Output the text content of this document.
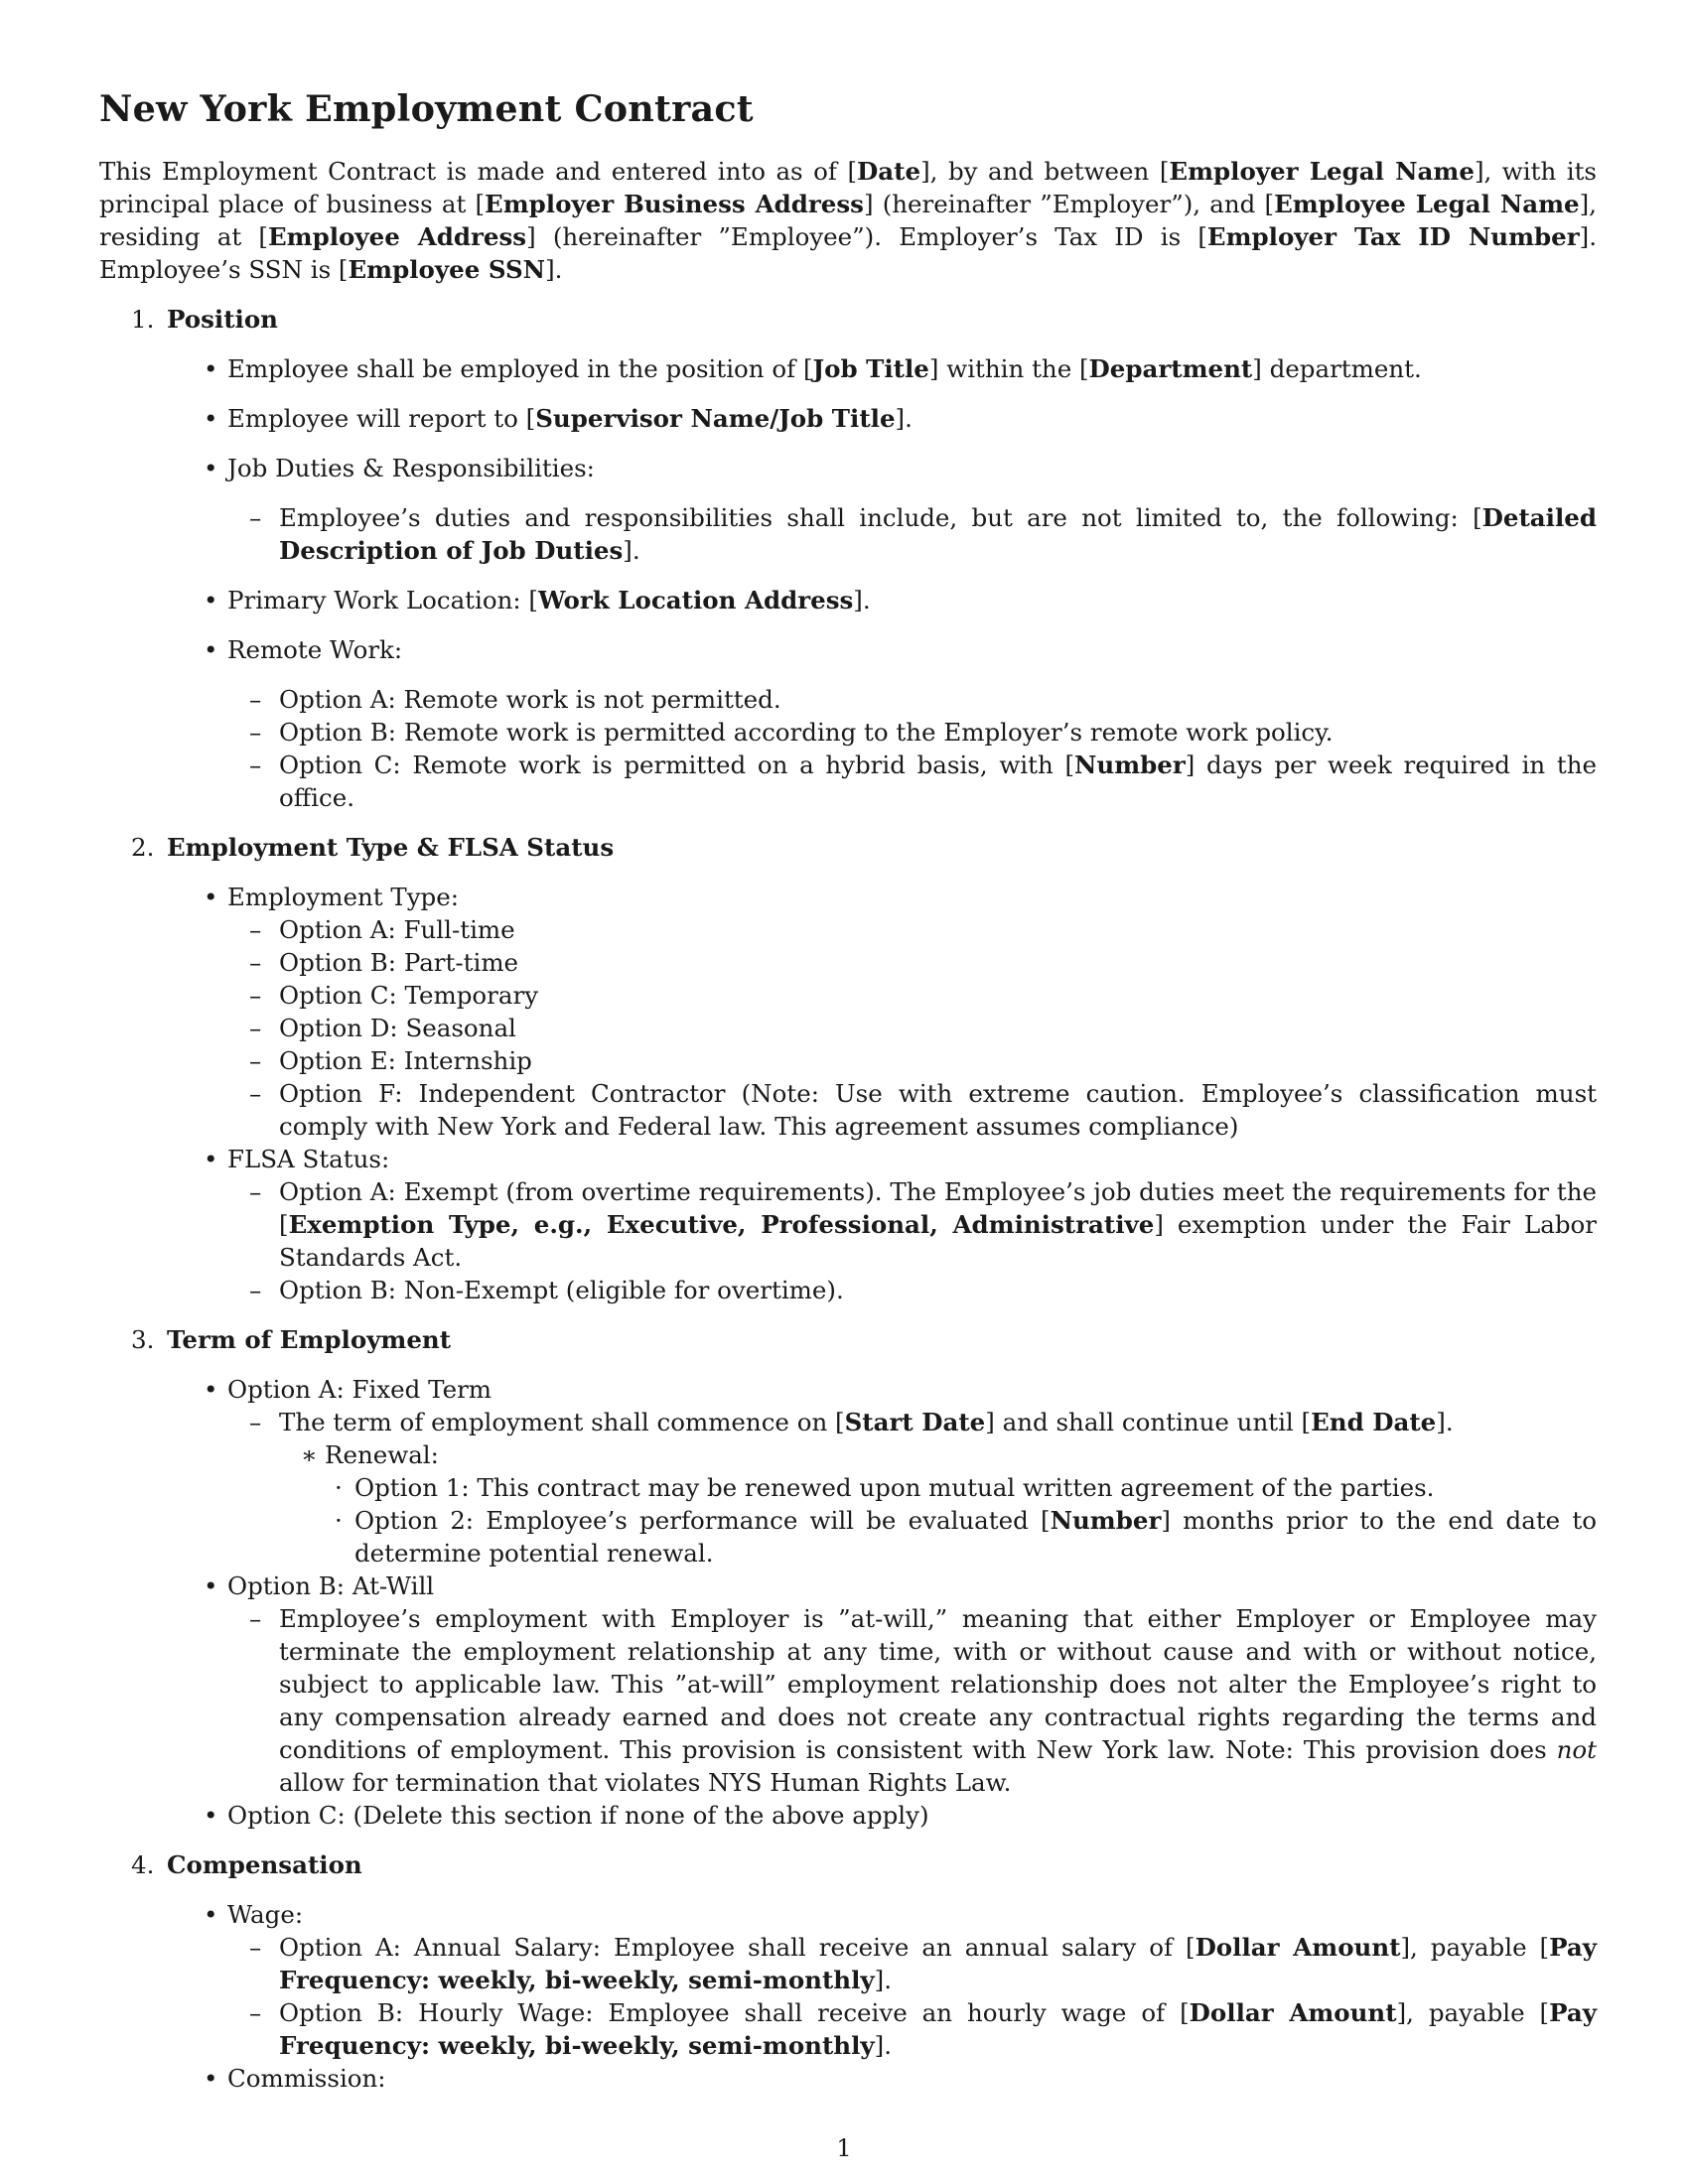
New York Employment Contract

This Employment Contract is made and entered into as of [Date], by and between [Employer Legal Name], with its principal place of business at [Employer Business Address] (hereinafter ”Employer”), and [Employee Legal Name], residing at [Employee Address] (hereinafter ”Employee”). Employer’s Tax ID is [Employer Tax ID Number]. Employee’s SSN is [Employee SSN].

1. Position
• Employee shall be employed in the position of [Job Title] within the [Department] department.
• Employee will report to [Supervisor Name/Job Title].
• Job Duties & Responsibilities:
– Employee’s duties and responsibilities shall include, but are not limited to, the following: [Detailed Description of Job Duties].
• Primary Work Location: [Work Location Address].
• Remote Work:
– Option A: Remote work is not permitted.
– Option B: Remote work is permitted according to the Employer’s remote work policy.
– Option C: Remote work is permitted on a hybrid basis, with [Number] days per week required in the office.
2. Employment Type & FLSA Status
• Employment Type:
– Option A: Full-time
– Option B: Part-time
– Option C: Temporary
– Option D: Seasonal
– Option E: Internship
– Option F: Independent Contractor (Note: Use with extreme caution. Employee’s classification must comply with New York and Federal law. This agreement assumes compliance)
• FLSA Status:
– Option A: Exempt (from overtime requirements). The Employee’s job duties meet the requirements for the [Exemption Type, e.g., Executive, Professional, Administrative] exemption under the Fair Labor Standards Act.
– Option B: Non-Exempt (eligible for overtime).
3. Term of Employment
• Option A: Fixed Term
– The term of employment shall commence on [Start Date] and shall continue until [End Date].
∗ Renewal:
· Option 1: This contract may be renewed upon mutual written agreement of the parties.
· Option 2: Employee’s performance will be evaluated [Number] months prior to the end date to determine potential renewal.
• Option B: At-Will
– Employee’s employment with Employer is ”at-will,” meaning that either Employer or Employee may terminate the employment relationship at any time, with or without cause and with or without notice, subject to applicable law. This ”at-will” employment relationship does not alter the Employee’s right to any compensation already earned and does not create any contractual rights regarding the terms and conditions of employment. This provision is consistent with New York law. Note: This provision does not allow for termination that violates NYS Human Rights Law.
• Option C: (Delete this section if none of the above apply)
4. Compensation
• Wage:
– Option A: Annual Salary: Employee shall receive an annual salary of [Dollar Amount], payable [Pay Frequency: weekly, bi-weekly, semi-monthly].
– Option B: Hourly Wage: Employee shall receive an hourly wage of [Dollar Amount], payable [Pay Frequency: weekly, bi-weekly, semi-monthly].
• Commission:
1
